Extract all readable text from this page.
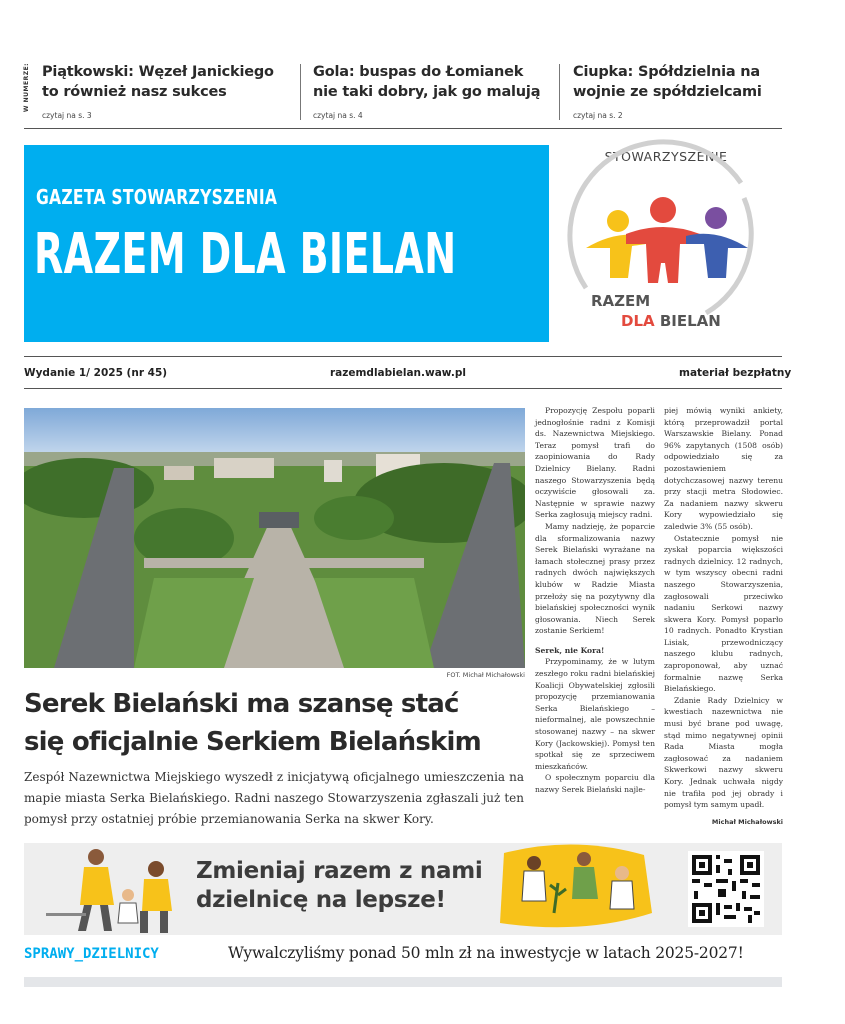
W NUMERZE: Piątkowski: Węzeł Janickiego
to również nasz sukces
czytaj na s. 3
Gola: buspas do Łomianek
nie taki dobry, jak go malują
czytaj na s. 4
Ciupka: Spółdzielnia na
wojnie ze spółdzielcami
czytaj na s. 2
GAZETA STOWARZYSZENIA
RAZEM DLA BIELAN
STOWARZYSZENIE
RAZEM
DLA BIELAN
Wydanie 1/ 2025 (nr 45)	razemdlabielan.waw.pl	materiał bezpłatny
FOT. Michał Michałowski
Serek Bielański ma szansę stać
się oficjalnie Serkiem Bielańskim
Zespół Nazewnictwa Miejskiego wyszedł z inicjatywą oficjalnego umieszczenia na mapie miasta Serka Bielańskiego. Radni naszego Stowarzyszenia zgłaszali już ten pomysł przy ostatniej próbie przemianowania Serka na skwer Kory.

Propozycję Zespołu poparli jednogłośnie radni z Komisji ds. Nazewnictwa Miejskiego. Teraz pomysł trafi do zaopiniowania do Rady Dzielnicy Bielany. Radni naszego Stowarzyszenia będą oczywiście głosowali za. Następnie w sprawie nazwy Serka zagłosują miejscy radni.

Mamy nadzieję, że poparcie dla sformalizowania nazwy Serek Bielański wyrażane na łamach stołecznej prasy przez radnych dwóch największych klubów w Radzie Miasta przełoży się na pozytywny dla bielańskiej społeczności wynik głosowania. Niech Serek zostanie Serkiem!

Serek, nie Kora!

Przypominamy, że w lutym zeszłego roku radni bielańskiej Koalicji Obywatelskiej zgłosili propozycję przemianowania Serka Bielańskiego – nieformalnej, ale powszechnie stosowanej nazwy – na skwer Kory (Jackowskiej). Pomysł ten spotkał się ze sprzeciwem mieszkańców.

O społecznym poparciu dla nazwy Serek Bielański najle-

piej mówią wyniki ankiety, którą przeprowadził portal Warszawskie Bielany. Ponad 96% zapytanych (1508 osób) odpowiedziało się za pozostawieniem dotychczasowej nazwy terenu przy stacji metra Słodowiec. Za nadaniem nazwy skweru Kory wypowiedziało się zaledwie 3% (55 osób).

Ostatecznie pomysł nie zyskał poparcia większości radnych dzielnicy. 12 radnych, w tym wszyscy obecni radni naszego Stowarzyszenia, zagłosowali przeciwko nadaniu Serkowi nazwy skwera Kory. Pomysł poparło 10 radnych. Ponadto Krystian Lisiak, przewodniczący naszego klubu radnych, zaproponował, aby uznać formalnie nazwę Serka Bielańskiego.

Zdanie Rady Dzielnicy w kwestiach nazewnictwa nie musi być brane pod uwagę, stąd mimo negatywnej opinii Rada Miasta mogła zagłosować za nadaniem Skwerkowi nazwy skweru Kory. Jednak uchwała nigdy nie trafiła pod jej obrady i pomysł tym samym upadł.

Michał Michałowski

Zmieniaj razem z nami
dzielnicę na lepsze!
SPRAWY_DZIELNICY	Wywalczyliśmy ponad 50 mln zł na inwestycje w latach 2025-2027!
